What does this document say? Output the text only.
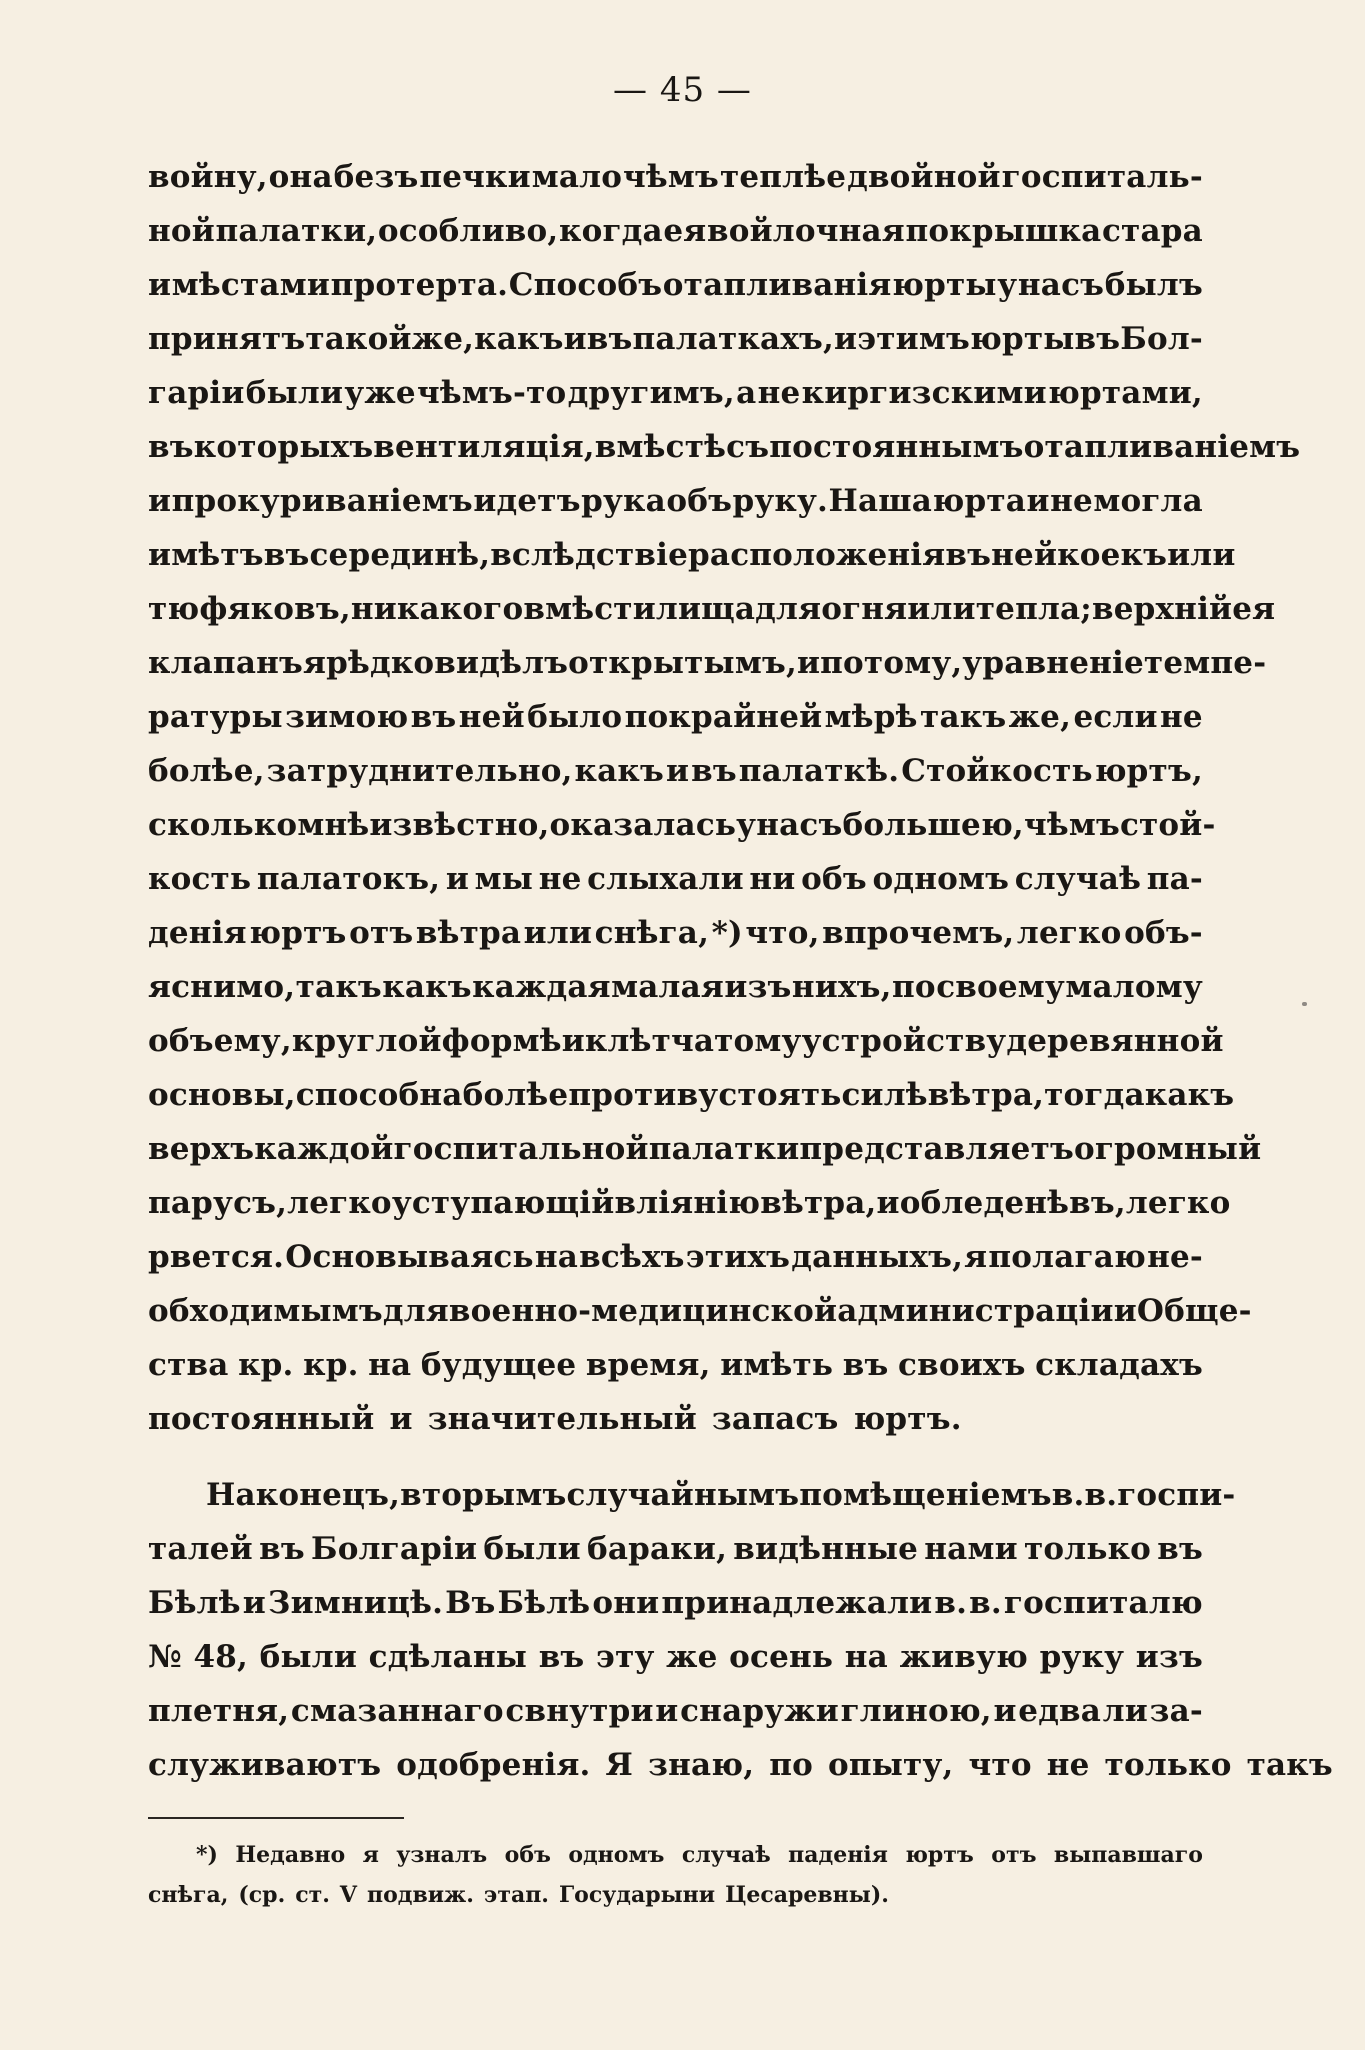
— 45 —
войну, она безъ печки мало чѣмъ теплѣе двойной госпиталь-
ной палатки, особливо, когда ея войлочная покрышка стара
и мѣстами протерта. Способъ отапливанія юрты у насъ былъ
принятъ такой же, какъ и въ палаткахъ, и этимъ юрты въ Бол-
гаріи были уже чѣмъ-то другимъ, а не киргизскими юртами,
въ которыхъ вентиляція, вмѣстѣ съ постояннымъ отапливаніемъ
и прокуриваніемъ идетъ рука объ руку. Наша юрта и не могла
имѣтъ въ серединѣ, вслѣдствіе расположенія въ ней коекъ или
тюфяковъ, никакого вмѣстилища для огня или тепла; верхній ея
клапанъ я рѣдко видѣлъ открытымъ, и потому, уравненіе темпе-
ратуры зимою въ ней было покрайней мѣрѣ такъ же, если не
болѣе, затруднительно, какъ и въ палаткѣ. Стойкость юртъ,
сколько мнѣ извѣстно, оказалась у насъ большею, чѣмъ стой-
кость палатокъ, и мы не слыхали ни объ одномъ случаѣ па-
денія юртъ отъ вѣтра или снѣга, *) что, впрочемъ, легко объ-
яснимо, такъ какъ каждая малая изъ нихъ, по своему малому
объему, круглой формѣ и клѣтчатому устройству деревянной
основы, способна болѣе противустоять силѣ вѣтра, тогда какъ
верхъ каждой госпитальной палатки представляетъ огромный
парусъ, легко уступающій вліянію вѣтра, и обледенѣвъ, легко
рвется. Основываясь на всѣхъ этихъ данныхъ, я полагаю не-
обходимымъ для военно-медицинской администраціи и Обще-
ства кр. кр. на будущее время, имѣть въ своихъ складахъ
постоянный и значительный запасъ юртъ.
Наконецъ, вторымъ случайнымъ помѣщеніемъ в. в. госпи-
талей въ Болгаріи были бараки, видѣнные нами только въ
Бѣлѣ и Зимницѣ. Въ Бѣлѣ они принадлежали в. в. госпиталю
№ 48, были сдѣланы въ эту же осень на живую руку изъ
плетня, смазаннаго свнутри и снаружи глиною, и едва ли за-
служиваютъ одобренія. Я знаю, по опыту, что не только такъ
*) Недавно я узналъ объ одномъ случаѣ паденія юртъ отъ выпавшаго
снѣга, (ср. ст. V подвиж. этап. Государыни Цесаревны).
